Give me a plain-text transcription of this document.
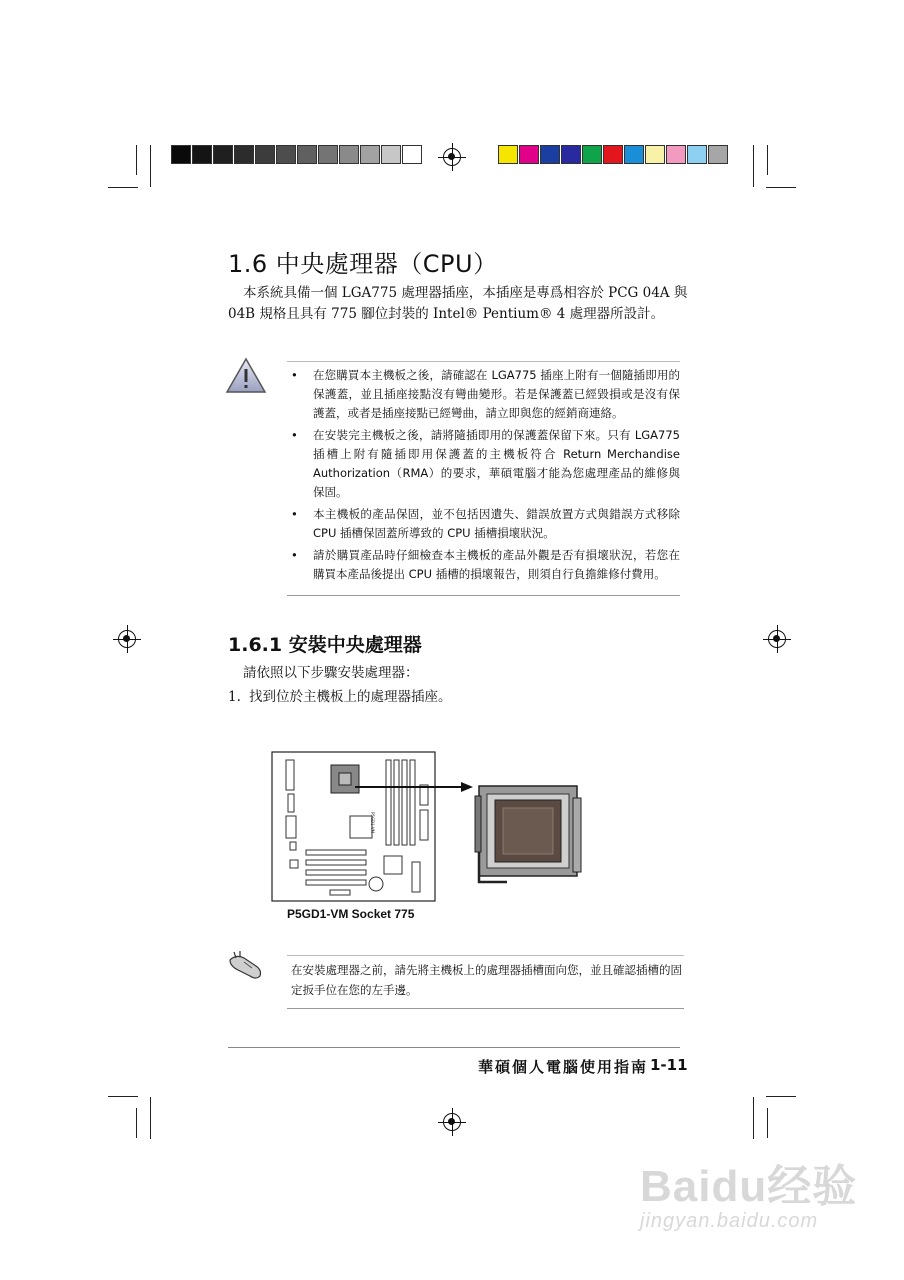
1.6 中央處理器（CPU）
本系統具備一個 LGA775 處理器插座，本插座是專爲相容於 PCG 04A 與
04B 規格且具有 775 腳位封裝的 Intel® Pentium® 4 處理器所設計。
• 在您購買本主機板之後，請確認在 LGA775 插座上附有一個隨插即用的保護蓋，並且插座接點沒有彎曲變形。若是保護蓋已經毀損或是沒有保護蓋，或者是插座接點已經彎曲，請立即與您的經銷商連絡。
• 在安裝完主機板之後，請將隨插即用的保護蓋保留下來。只有 LGA775 插槽上附有隨插即用保護蓋的主機板符合 Return Merchandise Authorization（RMA）的要求，華碩電腦才能為您處理產品的維修與保固。
• 本主機板的產品保固，並不包括因遺失、錯誤放置方式與錯誤方式移除 CPU 插槽保固蓋所導致的 CPU 插槽損壞狀況。
• 請於購買產品時仔細檢查本主機板的產品外觀是否有損壞狀況，若您在購買本產品後提出 CPU 插槽的損壞報告，則須自行負擔維修付費用。
1.6.1 安裝中央處理器
請依照以下步驟安裝處理器：
1. 找到位於主機板上的處理器插座。
P5GD1-VM
P5GD1-VM Socket 775
在安裝處理器之前，請先將主機板上的處理器插槽面向您，並且確認插槽的固定扳手位在您的左手邊。
華碩個人電腦使用指南 1-11
Baidu经验
jingyan.baidu.com
